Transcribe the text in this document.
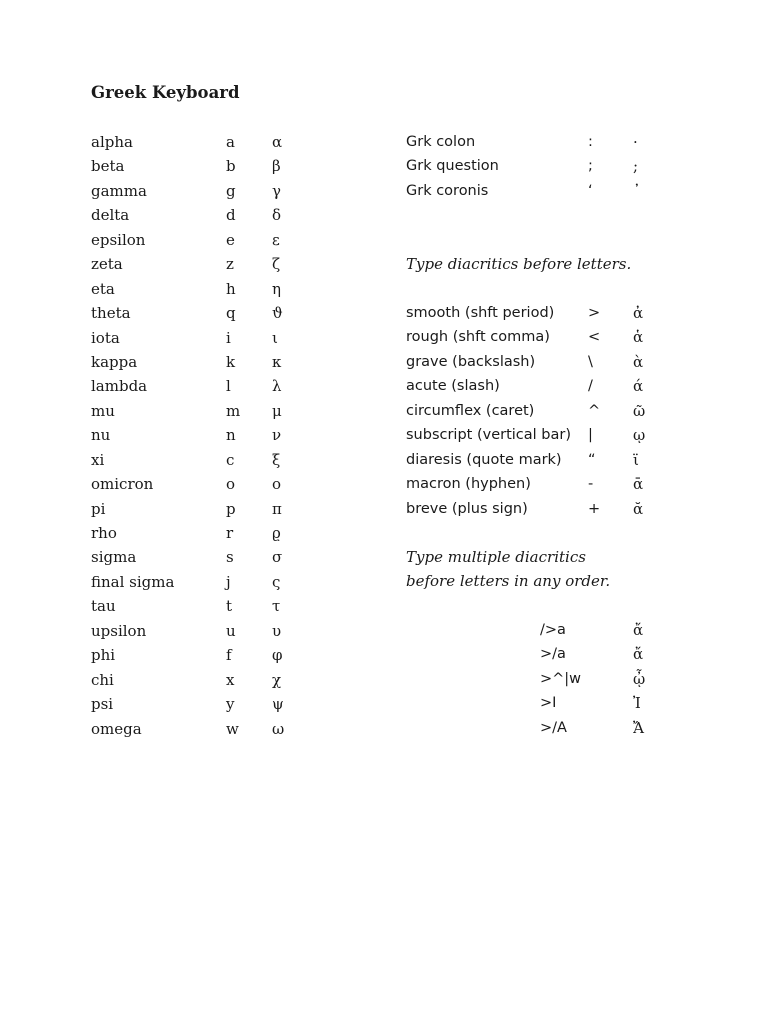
Greek Keyboard
alpha	a α
beta	b β
gamma	g γ
delta	d δ
epsilon	e ε
zeta	z	ζ
eta	h η
theta	q ϑ
iota	i	ι
kappa	k κ
lambda	l	λ
mu	m μ
nu	n ν
xi	c	ξ
omicron	o ο
pi	p π
rho	r	ϱ
sigma	s	σ
final sigma	j	ς
tau	t	τ
upsilon	u υ
phi	f	φ
chi	x	χ
psi	y	ψ
omega	w ω
Grk colon	:	·
Grk question	;	;
Grk coronis	‘	᾽
Type diacritics before letters.
smooth (shft period) > ἀ
rough (shft comma)	< ἁ
grave (backslash)	\	ὰ
acute (slash)	/	ά
circumflex (caret)	^ ῶ
subscript (vertical bar) |	ῳ
diaresis (quote mark) “ ϊ
macron (hyphen)	-	ᾱ
breve (plus sign)	+ ᾰ
Type multiple diacritics
before letters in any order.
/>a	ἄ
>/a	ἄ
>^|w	ᾦ
>I	Ἰ
>/A	Ἄ
